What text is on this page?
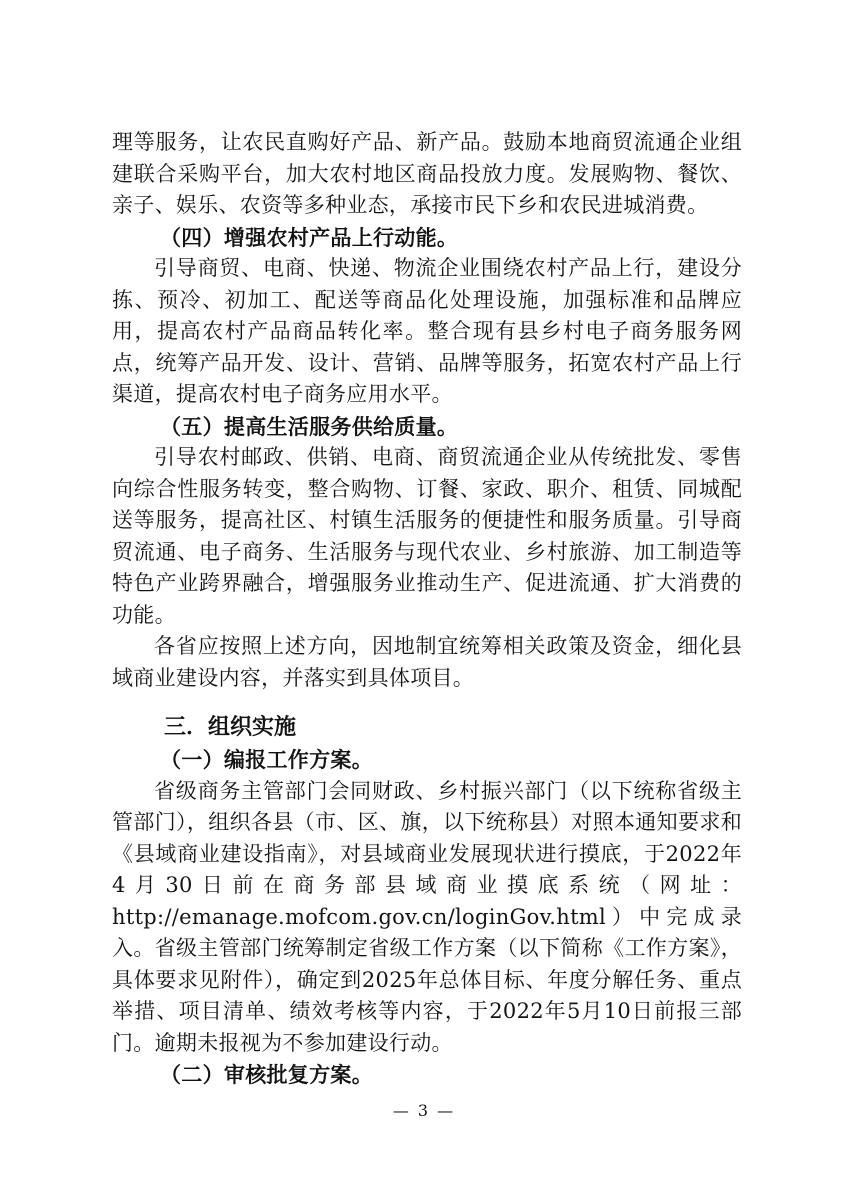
理等服务，让农民直购好产品、新产品。鼓励本地商贸流通企业组建联合采购平台，加大农村地区商品投放力度。发展购物、餐饮、亲子、娱乐、农资等多种业态，承接市民下乡和农民进城消费。

（四）增强农村产品上行动能。

引导商贸、电商、快递、物流企业围绕农村产品上行，建设分拣、预冷、初加工、配送等商品化处理设施，加强标准和品牌应用，提高农村产品商品转化率。整合现有县乡村电子商务服务网点，统筹产品开发、设计、营销、品牌等服务，拓宽农村产品上行渠道，提高农村电子商务应用水平。

（五）提高生活服务供给质量。

引导农村邮政、供销、电商、商贸流通企业从传统批发、零售向综合性服务转变，整合购物、订餐、家政、职介、租赁、同城配送等服务，提高社区、村镇生活服务的便捷性和服务质量。引导商贸流通、电子商务、生活服务与现代农业、乡村旅游、加工制造等特色产业跨界融合，增强服务业推动生产、促进流通、扩大消费的功能。

各省应按照上述方向，因地制宜统筹相关政策及资金，细化县域商业建设内容，并落实到具体项目。

三．组织实施

（一）编报工作方案。

省级商务主管部门会同财政、乡村振兴部门（以下统称省级主管部门），组织各县（市、区、旗，以下统称县）对照本通知要求和《县域商业建设指南》，对县域商业发展现状进行摸底，于2022年4月30日前在商务部县域商业摸底系统（网址：http://emanage.mofcom.gov.cn/loginGov.html）中完成录入。省级主管部门统筹制定省级工作方案（以下简称《工作方案》，具体要求见附件），确定到2025年总体目标、年度分解任务、重点举措、项目清单、绩效考核等内容，于2022年5月10日前报三部门。逾期未报视为不参加建设行动。

（二）审核批复方案。

— 3 —
